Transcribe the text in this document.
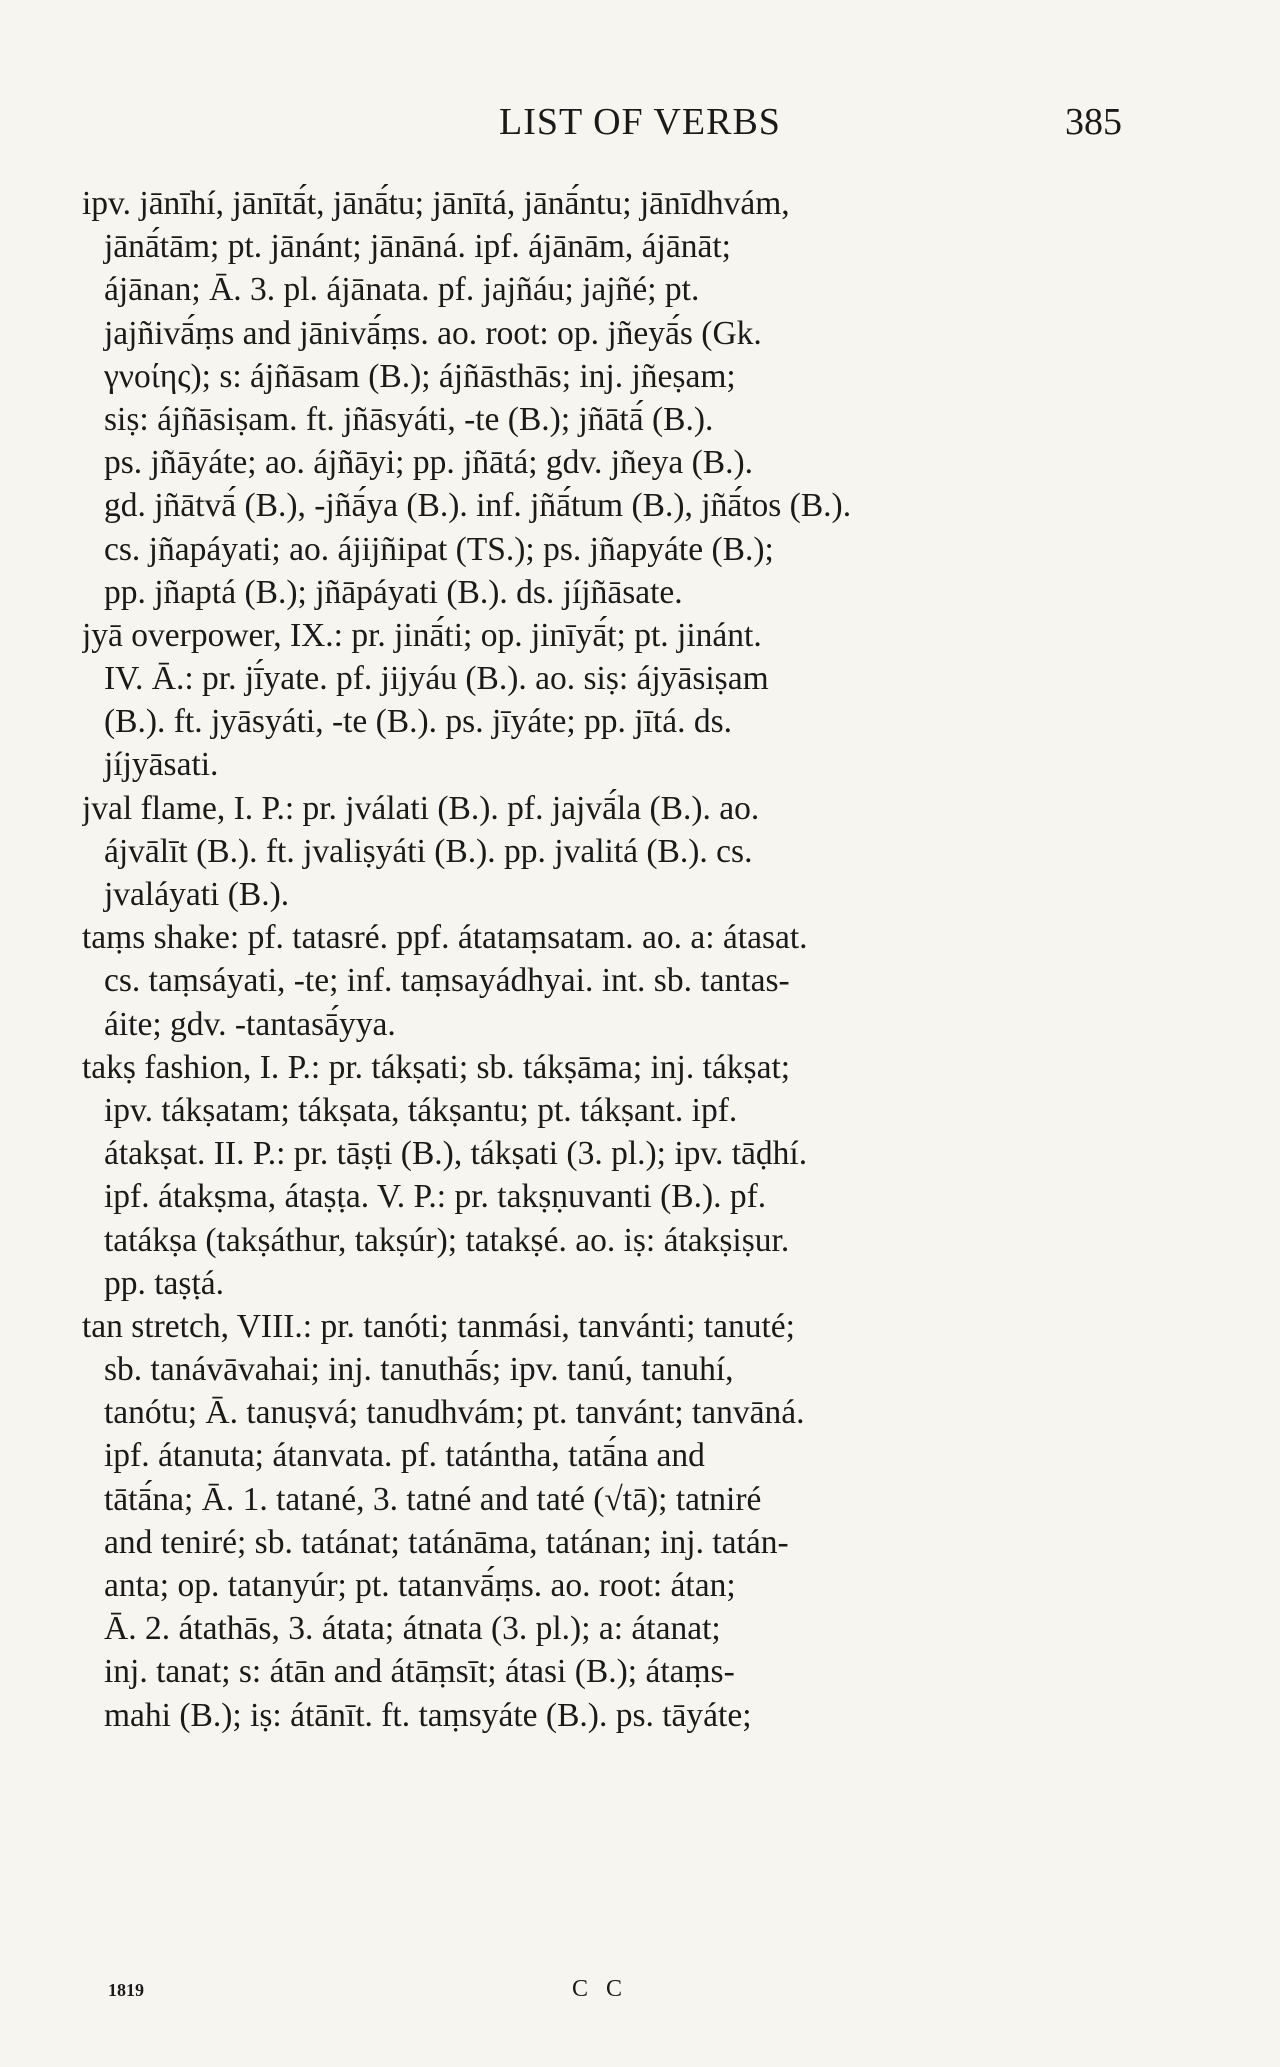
LIST OF VERBS	385
ipv. jānīhí, jānītā́t, jānā́tu; jānītá, jānā́ntu; jānīdhvám,
jānā́tām; pt. jānánt; jānāná. ipf. ájānām, ájānāt;
ájānan; Ā. 3. pl. ájānata. pf. jajñáu; jajñé; pt.
jajñivā́ṃs and jānivā́ṃs. ao. root: op. jñeyā́s (Gk.
γνοίης); s: ájñāsam (B.); ájñāsthās; inj. jñeṣam;
siṣ: ájñāsiṣam. ft. jñāsyáti, -te (B.); jñātā́ (B.).
ps. jñāyáte; ao. ájñāyi; pp. jñātá; gdv. jñeya (B.).
gd. jñātvā́ (B.), -jñā́ya (B.). inf. jñā́tum (B.), jñā́tos (B.).
cs. jñapáyati; ao. ájijñipat (TS.); ps. jñapyáte (B.);
pp. jñaptá (B.); jñāpáyati (B.). ds. jíjñāsate.
jyā overpower, IX.: pr. jinā́ti; op. jinīyā́t; pt. jinánt.
IV. Ā.: pr. jī́yate. pf. jijyáu (B.). ao. siṣ: ájyāsiṣam
(B.). ft. jyāsyáti, -te (B.). ps. jīyáte; pp. jītá. ds.
jíjyāsati.
jval flame, I. P.: pr. jválati (B.). pf. jajvā́la (B.). ao.
ájvālīt (B.). ft. jvaliṣyáti (B.). pp. jvalitá (B.). cs.
jvaláyati (B.).
taṃs shake: pf. tatasré. ppf. átataṃsatam. ao. a: átasat.
cs. taṃsáyati, -te; inf. taṃsayádhyai. int. sb. tantas-
áite; gdv. -tantasā́yya.
takṣ fashion, I. P.: pr. tákṣati; sb. tákṣāma; inj. tákṣat;
ipv. tákṣatam; tákṣata, tákṣantu; pt. tákṣant. ipf.
átakṣat. II. P.: pr. tāṣṭi (B.), tákṣati (3. pl.); ipv. tāḍhí.
ipf. átakṣma, átaṣṭa. V. P.: pr. takṣṇuvanti (B.). pf.
tatákṣa (takṣáthur, takṣúr); tatakṣé. ao. iṣ: átakṣiṣur.
pp. taṣṭá.
tan stretch, VIII.: pr. tanóti; tanmási, tanvánti; tanuté;
sb. tanávāvahai; inj. tanuthā́s; ipv. tanú, tanuhí,
tanótu; Ā. tanuṣvá; tanudhvám; pt. tanvánt; tanvāná.
ipf. átanuta; átanvata. pf. tatántha, tatā́na and
tātā́na; Ā. 1. tatané, 3. tatné and taté (√tā); tatniré
and teniré; sb. tatánat; tatánāma, tatánan; inj. tatán-
anta; op. tatanyúr; pt. tatanvā́ṃs. ao. root: átan;
Ā. 2. átathās, 3. átata; átnata (3. pl.); a: átanat;
inj. tanat; s: átān and átāṃsīt; átasi (B.); átaṃs-
mahi (B.); iṣ: átānīt. ft. taṃsyáte (B.). ps. tāyáte;
1819	C C
